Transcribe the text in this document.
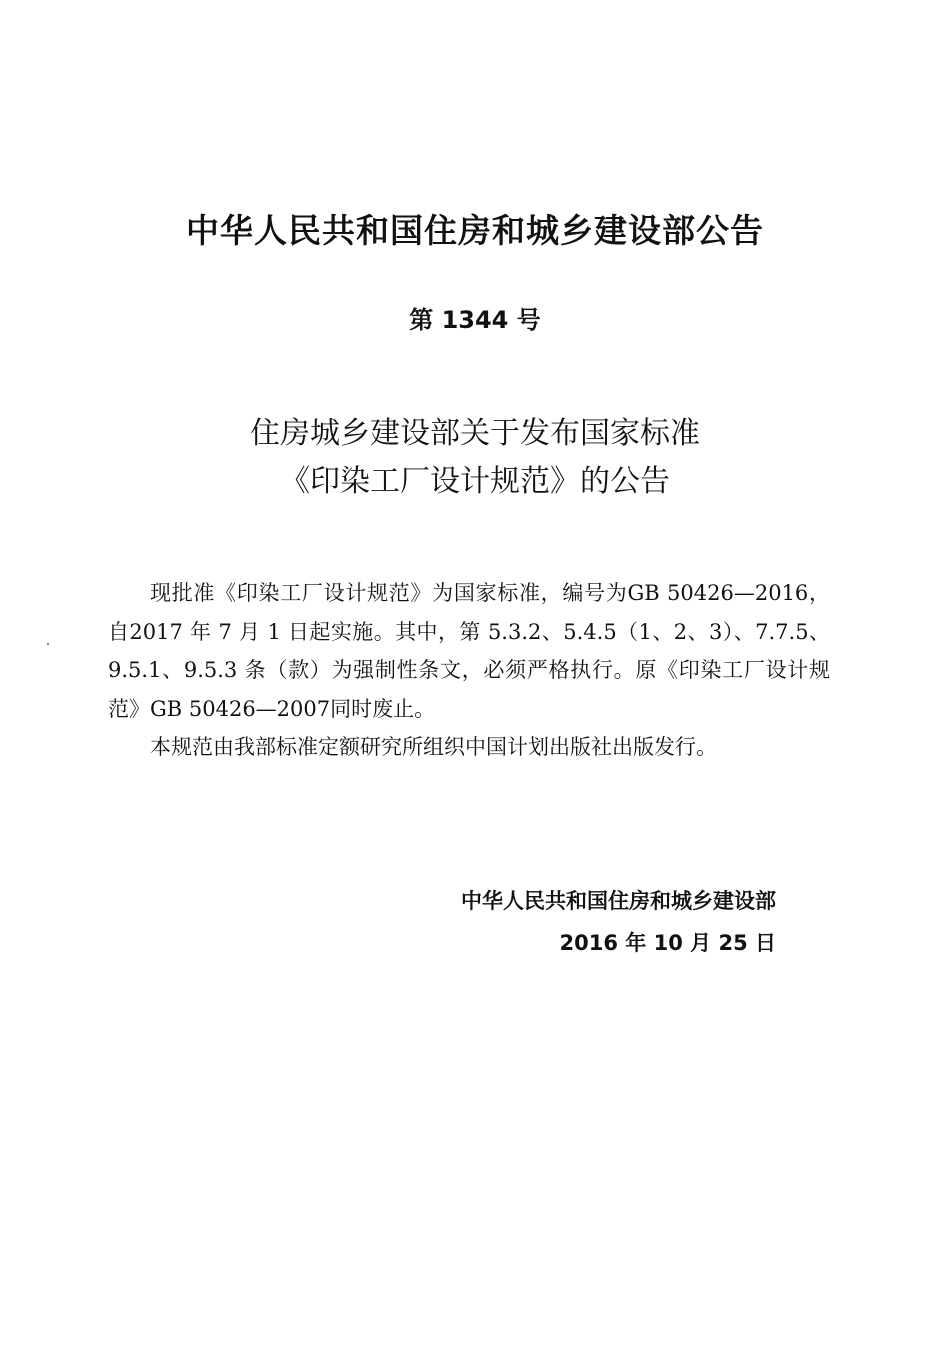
中华人民共和国住房和城乡建设部公告
第 1344 号
住房城乡建设部关于发布国家标准
《印染工厂设计规范》的公告

现批准《印染工厂设计规范》为国家标准，编号为GB 50426—2016，自2017 年 7 月 1 日起实施。其中，第 5.3.2、5.4.5（1、2、3）、7.7.5、9.5.1、9.5.3 条（款）为强制性条文，必须严格执行。原《印染工厂设计规范》GB 50426—2007同时废止。

本规范由我部标准定额研究所组织中国计划出版社出版发行。

中华人民共和国住房和城乡建设部
2016 年 10 月 25 日
